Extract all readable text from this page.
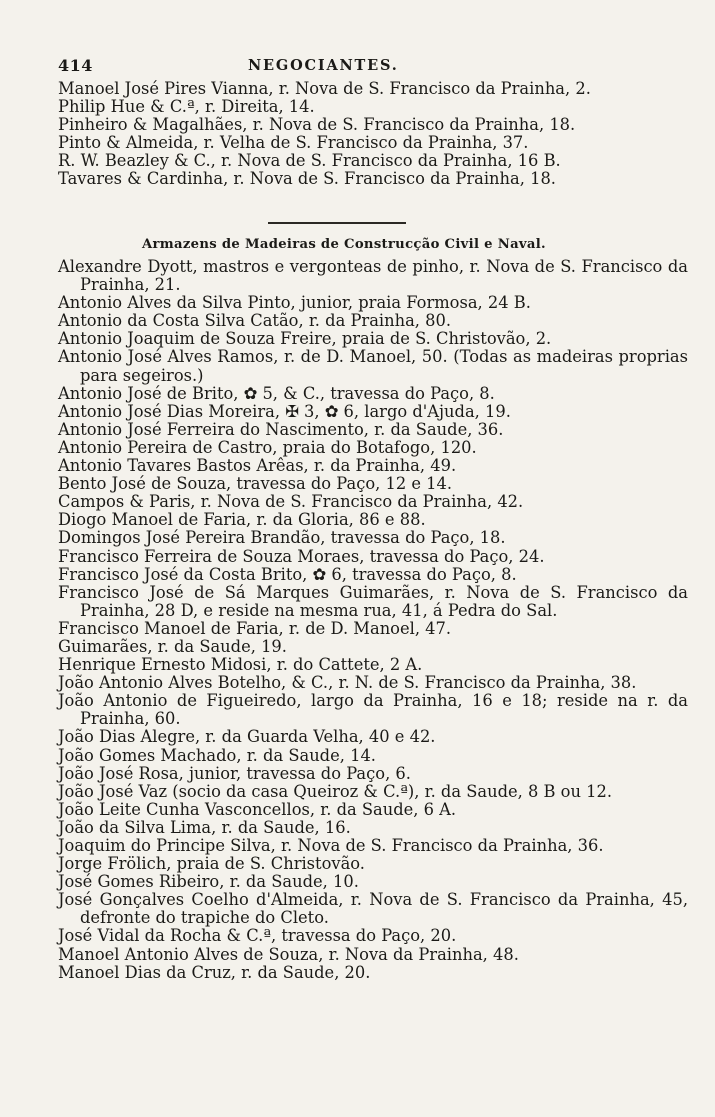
414	NEGOCIANTES.
Manoel José Pires Vianna, r. Nova de S. Francisco da Prainha, 2.
Philip Hue & C.ª, r. Direita, 14.
Pinheiro & Magalhães, r. Nova de S. Francisco da Prainha, 18.
Pinto & Almeida, r. Velha de S. Francisco da Prainha, 37.
R. W. Beazley & C., r. Nova de S. Francisco da Prainha, 16 B.
Tavares & Cardinha, r. Nova de S. Francisco da Prainha, 18.
Armazens de Madeiras de Construcção Civil e Naval.
Alexandre Dyott, mastros e vergonteas de pinho, r. Nova de S. Francisco da Prainha, 21.
Antonio Alves da Silva Pinto, junior, praia Formosa, 24 B.
Antonio da Costa Silva Catão, r. da Prainha, 80.
Antonio Joaquim de Souza Freire, praia de S. Christovão, 2.
Antonio José Alves Ramos, r. de D. Manoel, 50. (Todas as madeiras proprias para segeiros.)
Antonio José de Brito, ✿ 5, & C., travessa do Paço, 8.
Antonio José Dias Moreira, ✠ 3, ✿ 6, largo d'Ajuda, 19.
Antonio José Ferreira do Nascimento, r. da Saude, 36.
Antonio Pereira de Castro, praia do Botafogo, 120.
Antonio Tavares Bastos Arêas, r. da Prainha, 49.
Bento José de Souza, travessa do Paço, 12 e 14.
Campos & Paris, r. Nova de S. Francisco da Prainha, 42.
Diogo Manoel de Faria, r. da Gloria, 86 e 88.
Domingos José Pereira Brandão, travessa do Paço, 18.
Francisco Ferreira de Souza Moraes, travessa do Paço, 24.
Francisco José da Costa Brito, ✿ 6, travessa do Paço, 8.
Francisco José de Sá Marques Guimarães, r. Nova de S. Francisco da Prainha, 28 D, e reside na mesma rua, 41, á Pedra do Sal.
Francisco Manoel de Faria, r. de D. Manoel, 47.
Guimarães, r. da Saude, 19.
Henrique Ernesto Midosi, r. do Cattete, 2 A.
João Antonio Alves Botelho, & C., r. N. de S. Francisco da Prainha, 38.
João Antonio de Figueiredo, largo da Prainha, 16 e 18; reside na r. da Prainha, 60.
João Dias Alegre, r. da Guarda Velha, 40 e 42.
João Gomes Machado, r. da Saude, 14.
João José Rosa, junior, travessa do Paço, 6.
João José Vaz (socio da casa Queiroz & C.ª), r. da Saude, 8 B ou 12.
João Leite Cunha Vasconcellos, r. da Saude, 6 A.
João da Silva Lima, r. da Saude, 16.
Joaquim do Principe Silva, r. Nova de S. Francisco da Prainha, 36.
Jorge Frölich, praia de S. Christovão.
José Gomes Ribeiro, r. da Saude, 10.
José Gonçalves Coelho d'Almeida, r. Nova de S. Francisco da Prainha, 45, defronte do trapiche do Cleto.
José Vidal da Rocha & C.ª, travessa do Paço, 20.
Manoel Antonio Alves de Souza, r. Nova da Prainha, 48.
Manoel Dias da Cruz, r. da Saude, 20.
